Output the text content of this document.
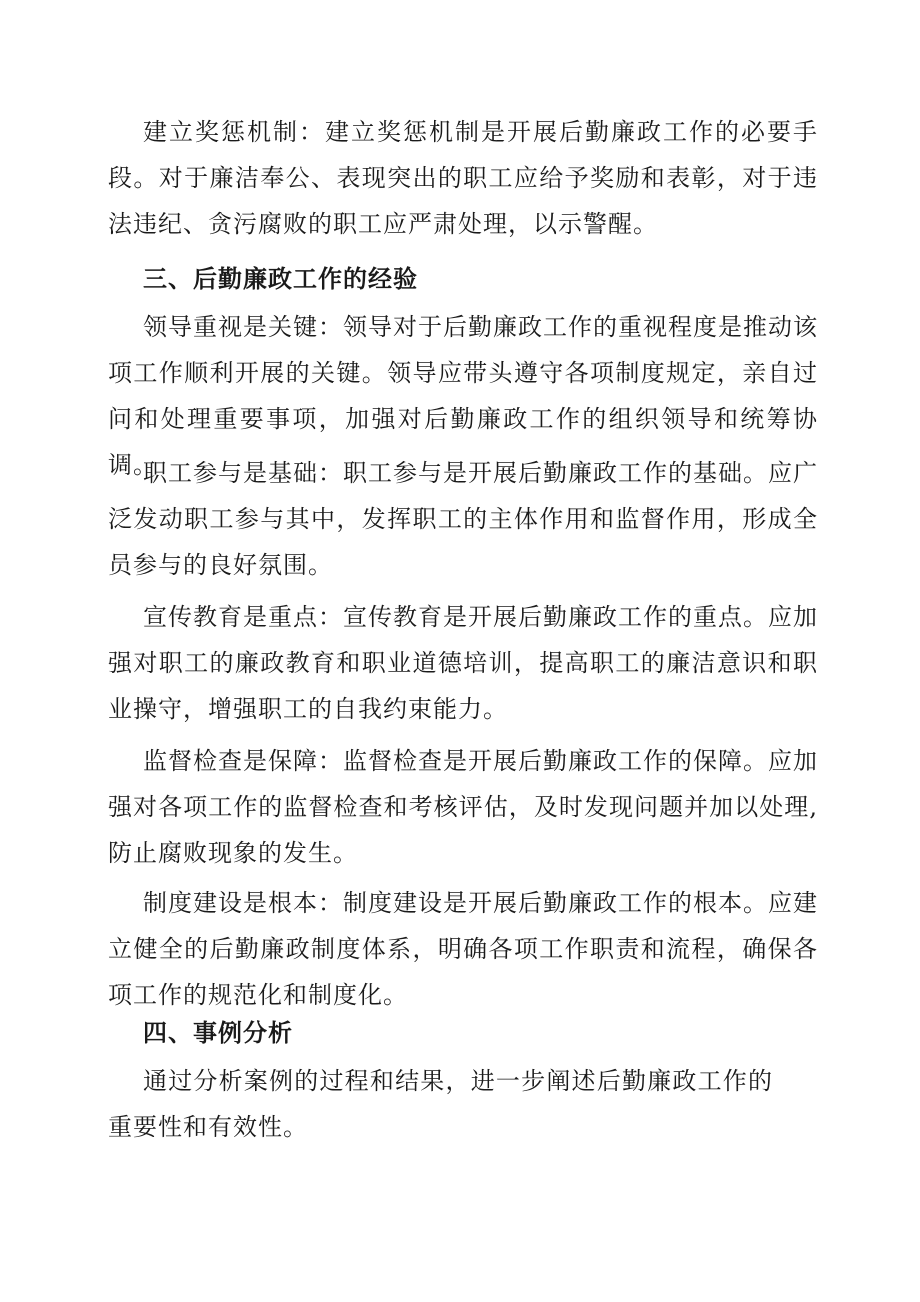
建立奖惩机制：建立奖惩机制是开展后勤廉政工作的必要手段。对于廉洁奉公、表现突出的职工应给予奖励和表彰，对于违法违纪、贪污腐败的职工应严肃处理，以示警醒。

三、后勤廉政工作的经验

领导重视是关键：领导对于后勤廉政工作的重视程度是推动该项工作顺利开展的关键。领导应带头遵守各项制度规定，亲自过问和处理重要事项，加强对后勤廉政工作的组织领导和统筹协调。

职工参与是基础：职工参与是开展后勤廉政工作的基础。应广泛发动职工参与其中，发挥职工的主体作用和监督作用，形成全员参与的良好氛围。

宣传教育是重点：宣传教育是开展后勤廉政工作的重点。应加强对职工的廉政教育和职业道德培训，提高职工的廉洁意识和职业操守，增强职工的自我约束能力。

监督检查是保障：监督检查是开展后勤廉政工作的保障。应加强对各项工作的监督检查和考核评估，及时发现问题并加以处理,防止腐败现象的发生。

制度建设是根本：制度建设是开展后勤廉政工作的根本。应建立健全的后勤廉政制度体系，明确各项工作职责和流程，确保各项工作的规范化和制度化。

四、事例分析

通过分析案例的过程和结果，进一步阐述后勤廉政工作的重要性和有效性。
